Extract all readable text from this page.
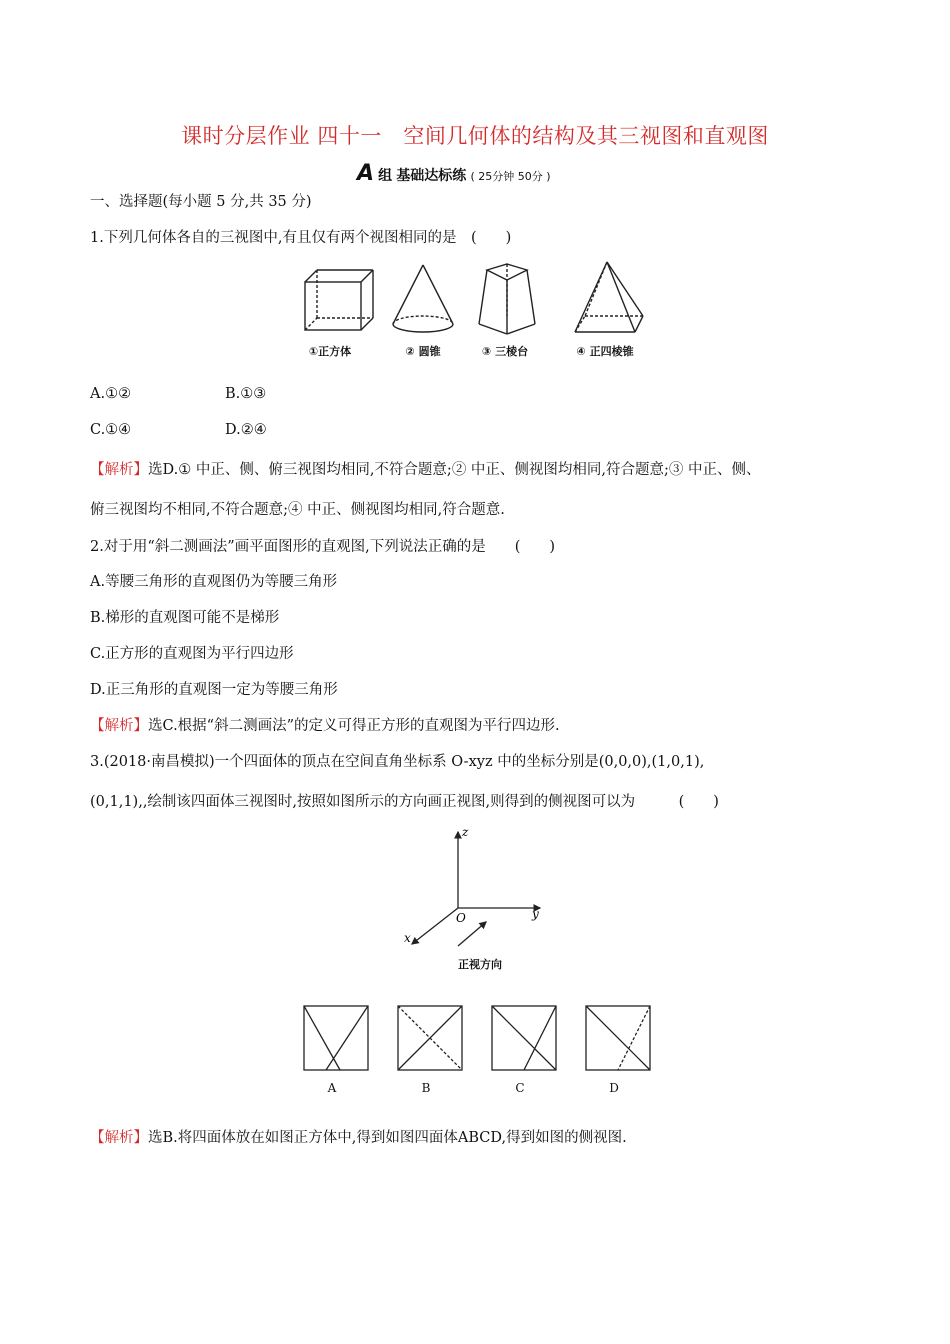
课时分层作业 四十一　空间几何体的结构及其三视图和直观图
A 组 基础达标练 ( 25分钟 50分 )
一、选择题(每小题 5 分,共 35 分)
1.下列几何体各自的三视图中,有且仅有两个视图相同的是　(　　)
①正方体	② 圆锥	③ 三棱台	④ 正四棱锥
A.①②	B.①③
C.①④	D.②④
【解析】选D.① 中正、侧、俯三视图均相同,不符合题意;② 中正、侧视图均相同,符合题意;③ 中正、侧、
俯三视图均不相同,不符合题意;④ 中正、侧视图均相同,符合题意.
2.对于用“斜二测画法”画平面图形的直观图,下列说法正确的是　　(　　)
A.等腰三角形的直观图仍为等腰三角形
B.梯形的直观图可能不是梯形
C.正方形的直观图为平行四边形
D.正三角形的直观图一定为等腰三角形
【解析】选C.根据“斜二测画法”的定义可得正方形的直观图为平行四边形.
3.(2018·南昌模拟)一个四面体的顶点在空间直角坐标系 O-xyz 中的坐标分别是(0,0,0),(1,0,1),
(0,1,1),,绘制该四面体三视图时,按照如图所示的方向画正视图,则得到的侧视图可以为　　　(　　)
z
O	y
x
正视方向
A	B	C	D
【解析】选B.将四面体放在如图正方体中,得到如图四面体ABCD,得到如图的侧视图.
